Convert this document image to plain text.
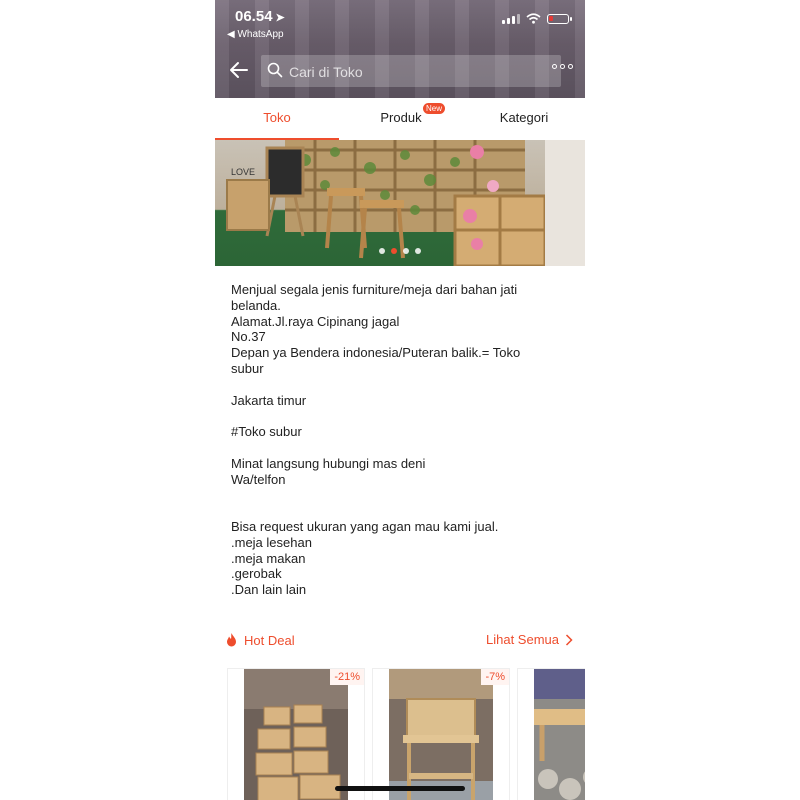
06.54 ➤
◀ WhatsApp
Cari di Toko
Toko	Produk
New
Kategori
LOVE
Menjual segala jenis furniture/meja dari bahan jati
belanda.
Alamat.Jl.raya Cipinang jagal
No.37
Depan ya Bendera indonesia/Puteran balik.= Toko
subur

Jakarta timur

#Toko subur

Minat langsung hubungi mas deni
Wa/telfon

Bisa request ukuran yang agan mau kami jual.
.meja lesehan
.meja makan
.gerobak
.Dan lain lain
Hot Deal	Lihat Semua
-21%	-7%
